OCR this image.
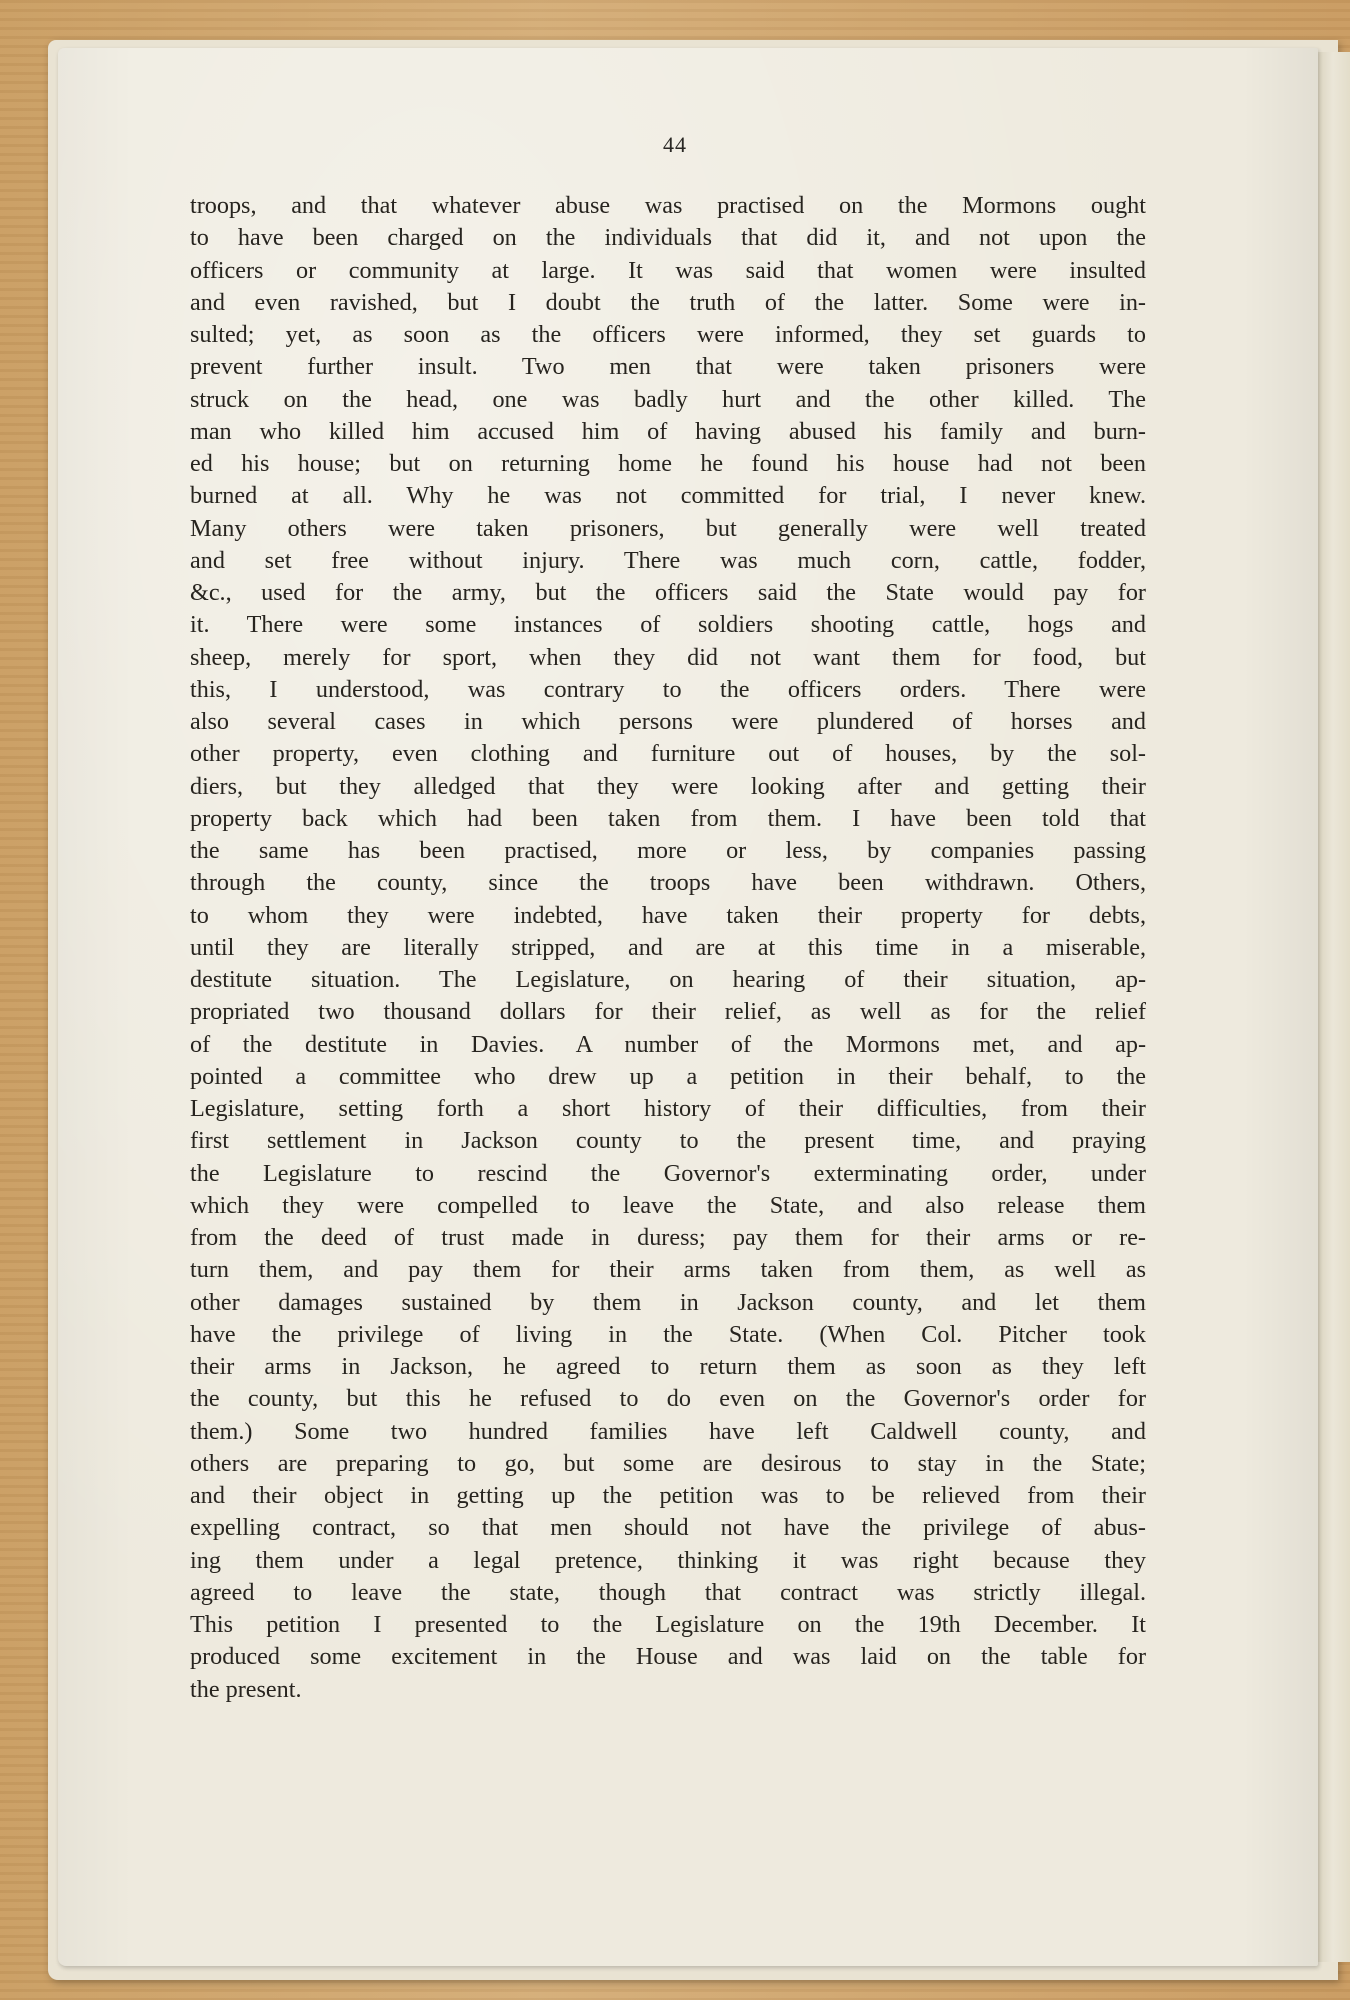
44
troops, and that whatever abuse was practised on the Mormons ought
to have been charged on the individuals that did it, and not upon the
officers or community at large. It was said that women were insulted
and even ravished, but I doubt the truth of the latter. Some were in-
sulted; yet, as soon as the officers were informed, they set guards to
prevent further insult. Two men that were taken prisoners were
struck on the head, one was badly hurt and the other killed. The
man who killed him accused him of having abused his family and burn-
ed his house; but on returning home he found his house had not been
burned at all. Why he was not committed for trial, I never knew.
Many others were taken prisoners, but generally were well treated
and set free without injury. There was much corn, cattle, fodder,
&c., used for the army, but the officers said the State would pay for
it. There were some instances of soldiers shooting cattle, hogs and
sheep, merely for sport, when they did not want them for food, but
this, I understood, was contrary to the officers orders. There were
also several cases in which persons were plundered of horses and
other property, even clothing and furniture out of houses, by the sol-
diers, but they alledged that they were looking after and getting their
property back which had been taken from them. I have been told that
the same has been practised, more or less, by companies passing
through the county, since the troops have been withdrawn. Others,
to whom they were indebted, have taken their property for debts,
until they are literally stripped, and are at this time in a miserable,
destitute situation. The Legislature, on hearing of their situation, ap-
propriated two thousand dollars for their relief, as well as for the relief
of the destitute in Davies. A number of the Mormons met, and ap-
pointed a committee who drew up a petition in their behalf, to the
Legislature, setting forth a short history of their difficulties, from their
first settlement in Jackson county to the present time, and praying
the Legislature to rescind the Governor's exterminating order, under
which they were compelled to leave the State, and also release them
from the deed of trust made in duress; pay them for their arms or re-
turn them, and pay them for their arms taken from them, as well as
other damages sustained by them in Jackson county, and let them
have the privilege of living in the State. (When Col. Pitcher took
their arms in Jackson, he agreed to return them as soon as they left
the county, but this he refused to do even on the Governor's order for
them.) Some two hundred families have left Caldwell county, and
others are preparing to go, but some are desirous to stay in the State;
and their object in getting up the petition was to be relieved from their
expelling contract, so that men should not have the privilege of abus-
ing them under a legal pretence, thinking it was right because they
agreed to leave the state, though that contract was strictly illegal.
This petition I presented to the Legislature on the 19th December. It
produced some excitement in the House and was laid on the table for
the present.
